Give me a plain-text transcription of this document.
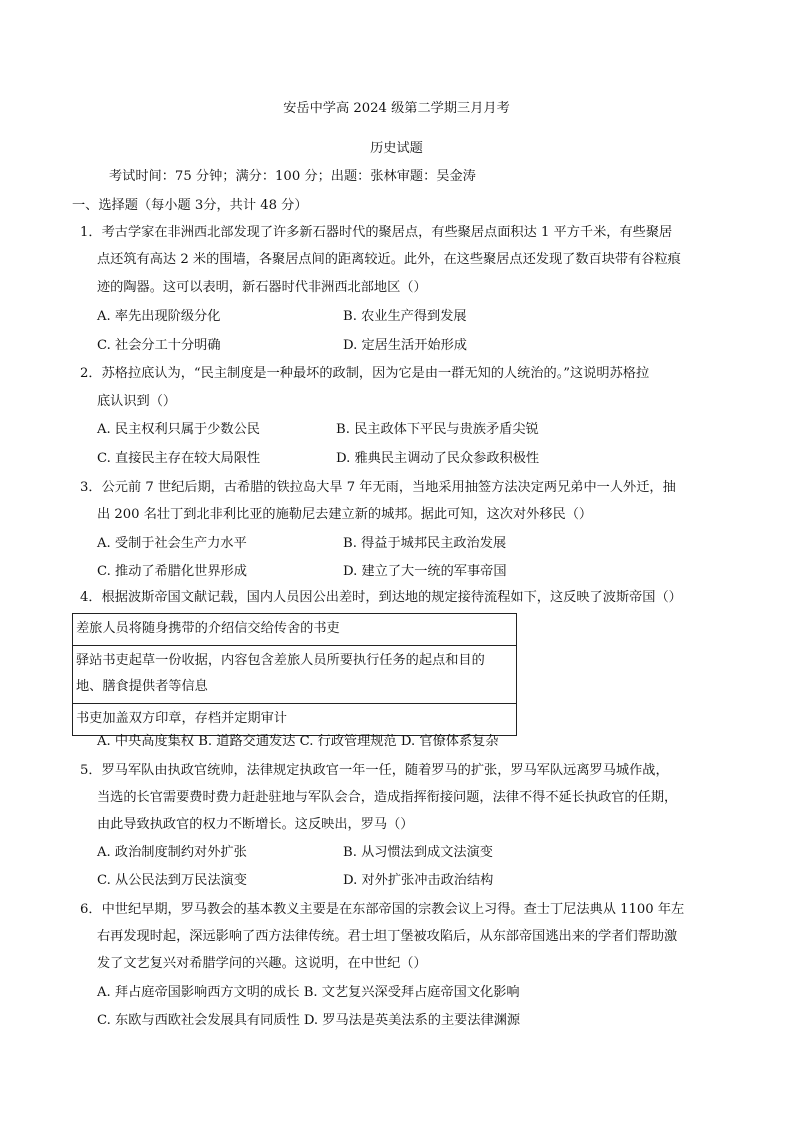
安岳中学高 2024 级第二学期三月月考
历史试题
考试时间：75 分钟；满分：100 分；出题：张林审题：吴金涛
一、选择题（每小题 3分，共计 48 分）
1．考古学家在非洲西北部发现了许多新石器时代的聚居点，有些聚居点面积达 1 平方千米，有些聚居
点还筑有高达 2 米的围墙，各聚居点间的距离较近。此外，在这些聚居点还发现了数百块带有谷粒痕
迹的陶器。这可以表明，新石器时代非洲西北部地区（）
A. 率先出现阶级分化	B. 农业生产得到发展
C. 社会分工十分明确	D. 定居生活开始形成
2．苏格拉底认为，“民主制度是一种最坏的政制，因为它是由一群无知的人统治的。”这说明苏格拉
底认识到（）
A. 民主权利只属于少数公民	B. 民主政体下平民与贵族矛盾尖锐
C. 直接民主存在较大局限性	D. 雅典民主调动了民众参政积极性
3．公元前 7 世纪后期，古希腊的铁拉岛大旱 7 年无雨，当地采用抽签方法决定两兄弟中一人外迁，抽
出 200 名壮丁到北非利比亚的施勒尼去建立新的城邦。据此可知，这次对外移民（）
A. 受制于社会生产力水平	B. 得益于城邦民主政治发展
C. 推动了希腊化世界形成	D. 建立了大一统的军事帝国
4．根据波斯帝国文献记载，国内人员因公出差时，到达地的规定接待流程如下，这反映了波斯帝国（）
差旅人员将随身携带的介绍信交给传舍的书吏
驿站书吏起草一份收据，内容包含差旅人员所要执行任务的起点和目的
地、膳食提供者等信息
书吏加盖双方印章，存档并定期审计
A. 中央高度集权 B. 道路交通发达 C. 行政管理规范 D. 官僚体系复杂
5．罗马军队由执政官统帅，法律规定执政官一年一任，随着罗马的扩张，罗马军队远离罗马城作战，
当选的长官需要费时费力赶赴驻地与军队会合，造成指挥衔接问题，法律不得不延长执政官的任期，
由此导致执政官的权力不断增长。这反映出，罗马（）
A. 政治制度制约对外扩张	B. 从习惯法到成文法演变
C. 从公民法到万民法演变	D. 对外扩张冲击政治结构
6．中世纪早期，罗马教会的基本教义主要是在东部帝国的宗教会议上习得。查士丁尼法典从 1100 年左
右再发现时起，深远影响了西方法律传统。君士坦丁堡被攻陷后，从东部帝国逃出来的学者们帮助激
发了文艺复兴对希腊学问的兴趣。这说明，在中世纪（）
A. 拜占庭帝国影响西方文明的成长 B. 文艺复兴深受拜占庭帝国文化影响
C. 东欧与西欧社会发展具有同质性 D. 罗马法是英美法系的主要法律渊源
